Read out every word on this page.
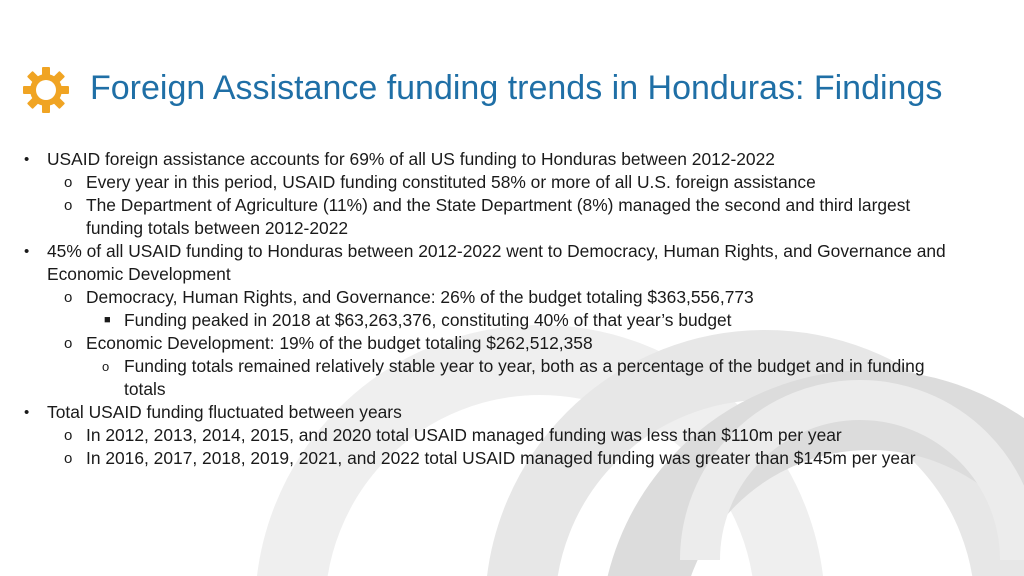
Foreign Assistance funding trends in Honduras: Findings
• USAID foreign assistance accounts for 69% of all US funding to Honduras between 2012-2022
o Every year in this period, USAID funding constituted 58% or more of all U.S. foreign assistance
o The Department of Agriculture (11%) and the State Department (8%) managed the second and third largest
funding totals between 2012-2022
• 45% of all USAID funding to Honduras between 2012-2022 went to Democracy, Human Rights, and Governance and
Economic Development
o Democracy, Human Rights, and Governance: 26% of the budget totaling $363,556,773
■ Funding peaked in 2018 at $63,263,376, constituting 40% of that year’s budget
o Economic Development: 19% of the budget totaling $262,512,358
o Funding totals remained relatively stable year to year, both as a percentage of the budget and in funding
totals
• Total USAID funding fluctuated between years
o In 2012, 2013, 2014, 2015, and 2020 total USAID managed funding was less than $110m per year
o In 2016, 2017, 2018, 2019, 2021, and 2022 total USAID managed funding was greater than $145m per year
